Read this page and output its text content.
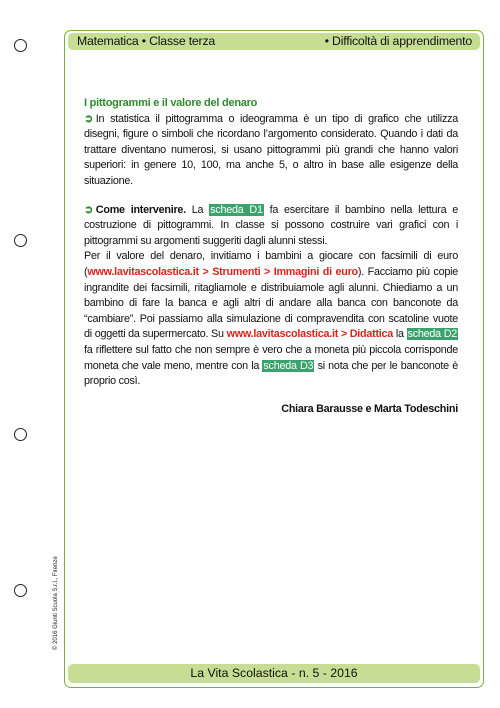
Matematica • Classe terza	• Difficoltà di apprendimento
© 2016 Giunti Scuola S.r.l., Firenze
I pittogrammi e il valore del denaro

➲ In statistica il pittogramma o ideogramma è un tipo di grafico che utilizza disegni, figure o simboli che ricordano l’argomento considerato. Quando i dati da trattare diventano numerosi, si usano pittogrammi più grandi che hanno valori superiori: in genere 10, 100, ma anche 5, o altro in base alle esigenze della situazione.

➲ Come intervenire. La scheda D1 fa esercitare il bambino nella lettura e costruzione di pittogrammi. In classe si possono costruire vari grafici con i pittogrammi su argomenti suggeriti dagli alunni stessi.

Per il valore del denaro, invitiamo i bambini a giocare con facsimili di euro (www.lavitascolastica.it > Strumenti > Immagini di euro). Facciamo più copie ingrandite dei facsimili, ritagliamole e distribuiamole agli alunni. Chiediamo a un bambino di fare la banca e agli altri di andare alla banca con banconote da “cambiare”. Poi passiamo alla simulazione di compravendita con scatoline vuote di oggetti da supermercato. Su www.lavitascolastica.it > Didattica la scheda D2 fa riflettere sul fatto che non sempre è vero che a moneta più piccola corrisponde moneta che vale meno, mentre con la scheda D3 si nota che per le banconote è proprio così.

Chiara Barausse e Marta Todeschini
La Vita Scolastica - n. 5 - 2016
